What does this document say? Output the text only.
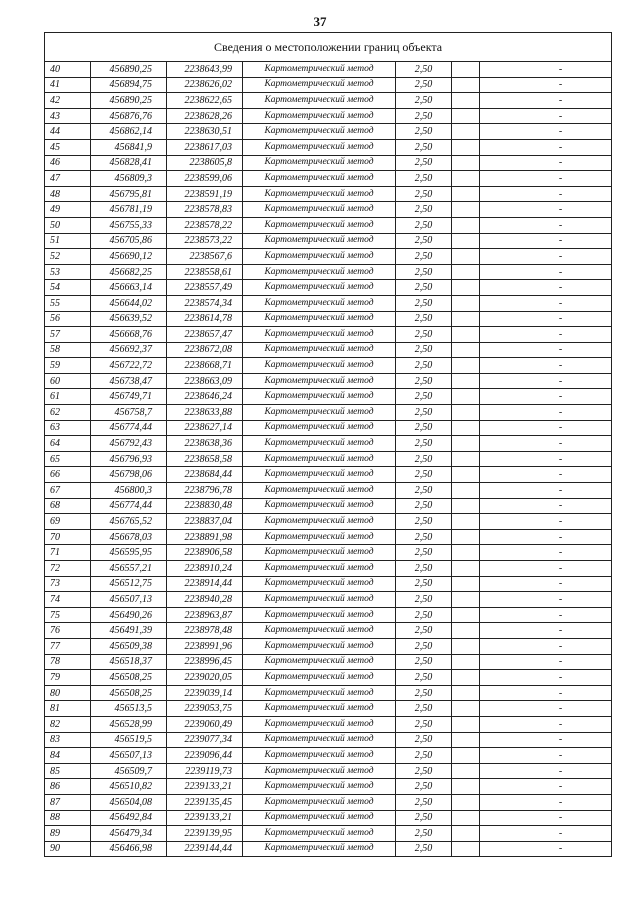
37
Сведения о местоположении границ объекта						
40	456890,25	2238643,99	Картометрический метод	2,50		-
41	456894,75	2238626,02	Картометрический метод	2,50		-
42	456890,25	2238622,65	Картометрический метод	2,50		-
43	456876,76	2238628,26	Картометрический метод	2,50		-
44	456862,14	2238630,51	Картометрический метод	2,50		-
45	456841,9	2238617,03	Картометрический метод	2,50		-
46	456828,41	2238605,8	Картометрический метод	2,50		-
47	456809,3	2238599,06	Картометрический метод	2,50		-
48	456795,81	2238591,19	Картометрический метод	2,50		-
49	456781,19	2238578,83	Картометрический метод	2,50		-
50	456755,33	2238578,22	Картометрический метод	2,50		-
51	456705,86	2238573,22	Картометрический метод	2,50		-
52	456690,12	2238567,6	Картометрический метод	2,50		-
53	456682,25	2238558,61	Картометрический метод	2,50		-
54	456663,14	2238557,49	Картометрический метод	2,50		-
55	456644,02	2238574,34	Картометрический метод	2,50		-
56	456639,52	2238614,78	Картометрический метод	2,50		-
57	456668,76	2238657,47	Картометрический метод	2,50		-
58	456692,37	2238672,08	Картометрический метод	2,50		-
59	456722,72	2238668,71	Картометрический метод	2,50		-
60	456738,47	2238663,09	Картометрический метод	2,50		-
61	456749,71	2238646,24	Картометрический метод	2,50		-
62	456758,7	2238633,88	Картометрический метод	2,50		-
63	456774,44	2238627,14	Картометрический метод	2,50		-
64	456792,43	2238638,36	Картометрический метод	2,50		-
65	456796,93	2238658,58	Картометрический метод	2,50		-
66	456798,06	2238684,44	Картометрический метод	2,50		-
67	456800,3	2238796,78	Картометрический метод	2,50		-
68	456774,44	2238830,48	Картометрический метод	2,50		-
69	456765,52	2238837,04	Картометрический метод	2,50		-
70	456678,03	2238891,98	Картометрический метод	2,50		-
71	456595,95	2238906,58	Картометрический метод	2,50		-
72	456557,21	2238910,24	Картометрический метод	2,50		-
73	456512,75	2238914,44	Картометрический метод	2,50		-
74	456507,13	2238940,28	Картометрический метод	2,50		-
75	456490,26	2238963,87	Картометрический метод	2,50		-
76	456491,39	2238978,48	Картометрический метод	2,50		-
77	456509,38	2238991,96	Картометрический метод	2,50		-
78	456518,37	2238996,45	Картометрический метод	2,50		-
79	456508,25	2239020,05	Картометрический метод	2,50		-
80	456508,25	2239039,14	Картометрический метод	2,50		-
81	456513,5	2239053,75	Картометрический метод	2,50		-
82	456528,99	2239060,49	Картометрический метод	2,50		-
83	456519,5	2239077,34	Картометрический метод	2,50		-
84	456507,13	2239096,44	Картометрический метод	2,50		-
85	456509,7	2239119,73	Картометрический метод	2,50		-
86	456510,82	2239133,21	Картометрический метод	2,50		-
87	456504,08	2239135,45	Картометрический метод	2,50		-
88	456492,84	2239133,21	Картометрический метод	2,50		-
89	456479,34	2239139,95	Картометрический метод	2,50		-
90	456466,98	2239144,44	Картометрический метод	2,50		-
